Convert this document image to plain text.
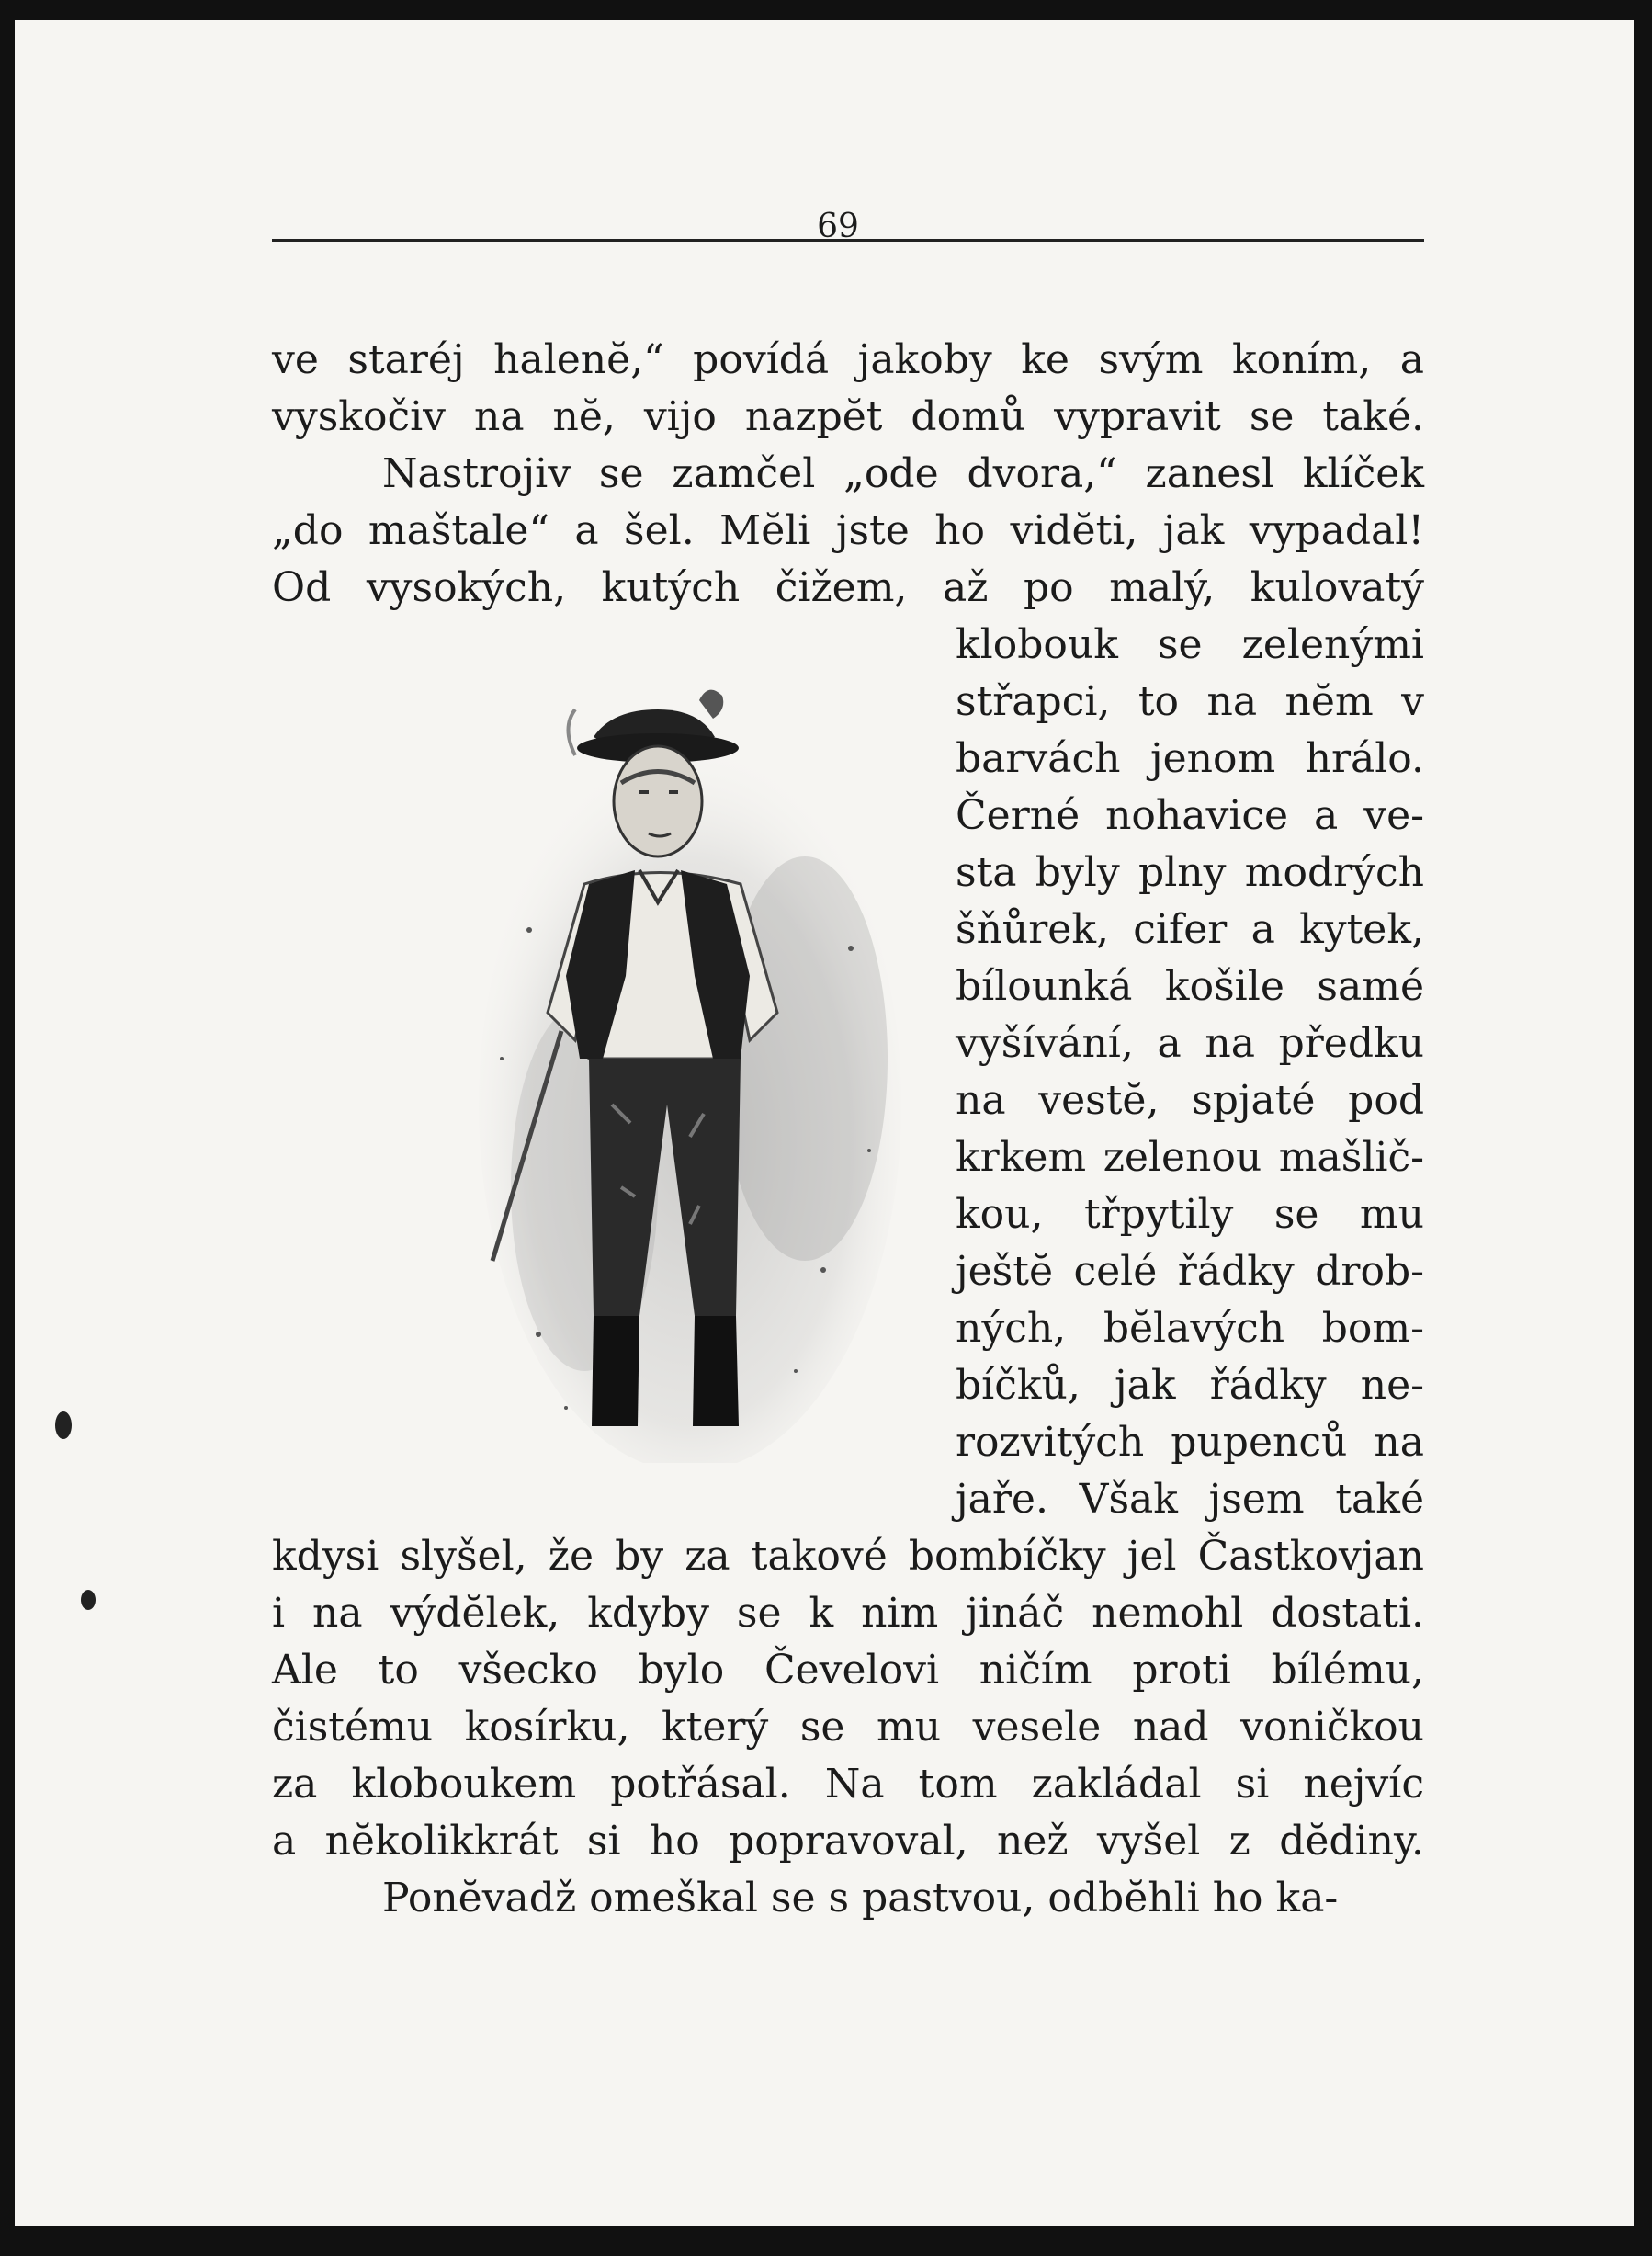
69
ve staréj halenĕ,“ povídá jakoby ke svým koním, a
vyskočiv na nĕ, vijo nazpĕt domů vypravit se také.
Nastrojiv se zamčel „ode dvora,“ zanesl klíček
„do maštale“ a šel. Mĕli jste ho vidĕti, jak vypadal!
Od vysokých, kutých čižem, až po malý, kulovatý
klobouk se zelenými
střapci, to na nĕm v
barvách jenom hrálo.
Černé nohavice a ve-
sta byly plny modrých
šňůrek, cifer a kytek,
bílounká košile samé
vyšívání, a na předku
na vestĕ, spjaté pod
krkem zelenou mašlič-
kou, třpytily se mu
ještĕ celé řádky drob-
ných, bĕlavých bom-
bíčků, jak řádky ne-
rozvitých pupenců na
jaře. Však jsem také
kdysi slyšel, že by za takové bombíčky jel Častkovjan
i na výdĕlek, kdyby se k nim jináč nemohl dostati.
Ale to všecko bylo Čevelovi ničím proti bílému,
čistému kosírku, který se mu vesele nad voničkou
za kloboukem potřásal. Na tom zakládal si nejvíc
a nĕkolikkrát si ho popravoval, než vyšel z dĕdiny.
Ponĕvadž omeškal se s pastvou, odbĕhli ho ka-
